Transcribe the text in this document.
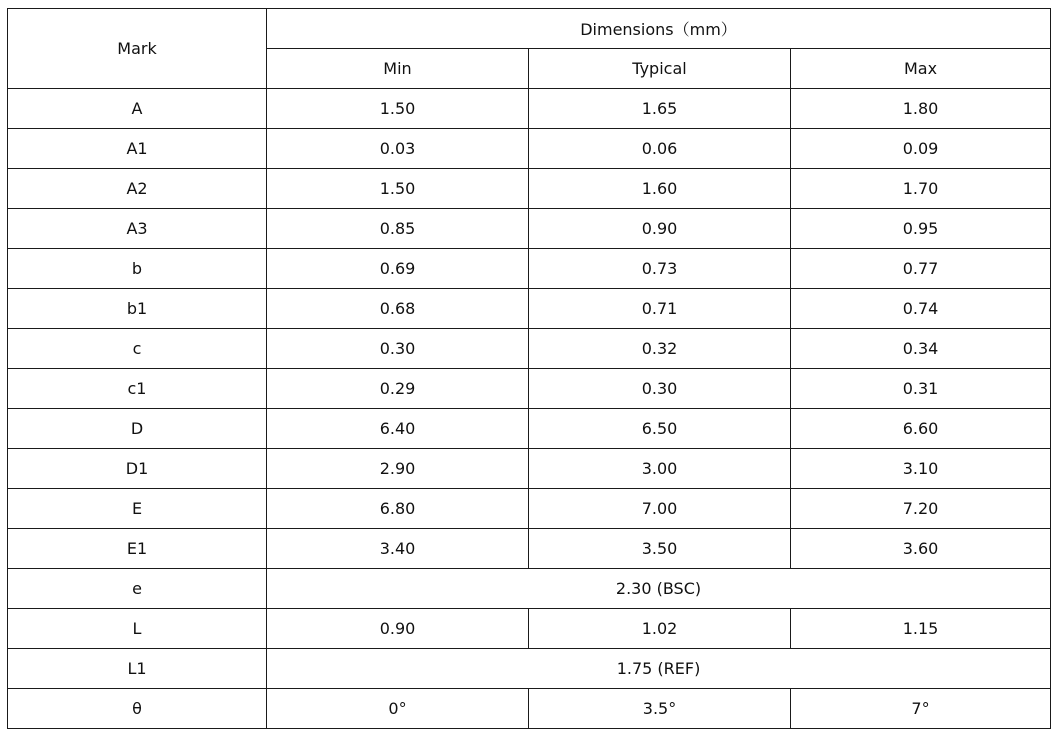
Mark	Dimensions（mm）		
	Min	Typical	Max
A	1.50	1.65	1.80
A1	0.03	0.06	0.09
A2	1.50	1.60	1.70
A3	0.85	0.90	0.95
b	0.69	0.73	0.77
b1	0.68	0.71	0.74
c	0.30	0.32	0.34
c1	0.29	0.30	0.31
D	6.40	6.50	6.60
D1	2.90	3.00	3.10
E	6.80	7.00	7.20
E1	3.40	3.50	3.60
e	2.30 (BSC)		
L	0.90	1.02	1.15
L1	1.75 (REF)		
θ	0°	3.5°	7°
